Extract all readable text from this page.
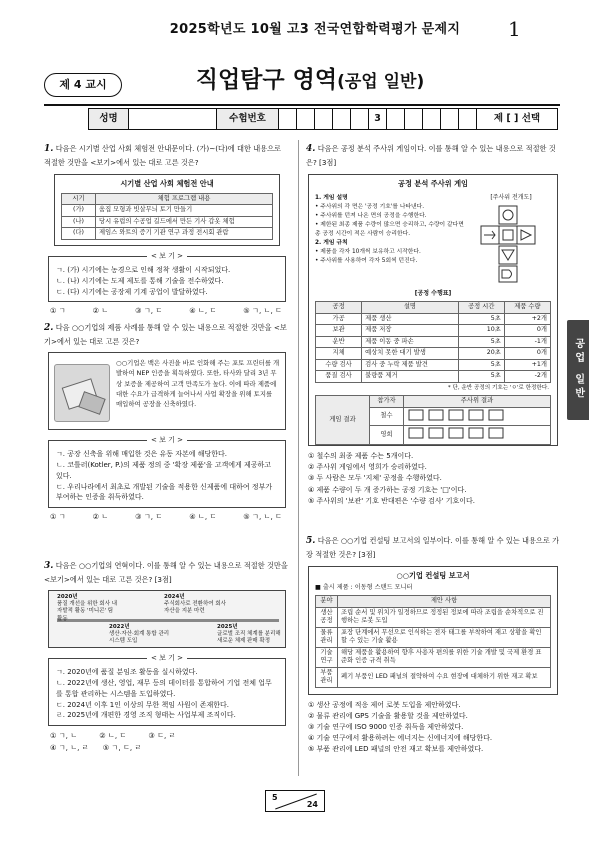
2025학년도 10월 고3 전국연합학력평가 문제지	1
제 4 교시	직업탐구 영역(공업 일반)
성명	수험번호	3	제 [ ] 선택
공업 일반
1. 다음은 시기별 산업 사회 체험전 안내문이다. (가)~(다)에 대한 내용으로 적절한 것만을 <보기>에서 있는 대로 고른 것은?
시기별 산업 사회 체험전 안내
시기	체험 프로그램 내용
(가)	움집 모형과 빗살무늬 토기 만들기
(나)	당시 유럽의 수공업 길드에서 만든 기사 갑옷 체험
(다)	제임스 와트의 증기 기관 연구 과정 전시회 관람
< 보 기 >
ㄱ. (가) 시기에는 농경으로 인해 정착 생활이 시작되었다.
ㄴ. (나) 시기에는 도제 제도를 통해 기술을 전수하였다.
ㄷ. (다) 시기에는 공장제 기계 공업이 발달하였다.
① ㄱ	② ㄴ	③ ㄱ, ㄷ	④ ㄴ, ㄷ	⑤ ㄱ, ㄴ, ㄷ
2. 다음 ○○기업의 제품 사례를 통해 알 수 있는 내용으로 적절한 것만을 <보기>에서 있는 대로 고른 것은?
○○기업은 백은 사진을 바로 인화해 주는 포토 프린터를 개발하여 NEP 인증을 획득하였다. 또한, 타사와 달리 3년 무상 보증을 제공하여 고객 만족도가 높다. 이에 따라 제품에 대한 수요가 급격하게 늘어나서 사업 확장을 위해 토지를 매입하여 공장을 신축하였다.
< 보 기 >
ㄱ. 공장 신축을 위해 매입한 것은 유동 자본에 해당한다.
ㄴ. 코틀러(Kotler, P.)의 제품 정의 중 '확장 제품'을 고객에게 제공하고 있다.
ㄷ. 우리나라에서 최초로 개발된 기술을 적용한 신제품에 대하여 정부가 부여하는 인증을 취득하였다.
① ㄱ	② ㄴ	③ ㄱ, ㄷ	④ ㄴ, ㄷ	⑤ ㄱ, ㄴ, ㄷ
3. 다음은 ○○기업의 연혁이다. 이를 통해 알 수 있는 내용으로 적절한 것만을 <보기>에서 있는 대로 고른 것은? [3점]
2020년
품질 개선을 위한 회사 내 자발적 활동 '미니콘' 팀 활동
2022년
생산·자산·회계 통합 관리 시스템 도입
2024년
주식회사로 전환하여 회사 자산을 지분 마련
2025년
글로벌 조직 체계를 분리해 새로운 체제 판매 확정
< 보 기 >
ㄱ. 2020년에 품질 분임조 활동을 실시하였다.
ㄴ. 2022년에 생산, 영업, 재무 등의 데이터를 통합하여 기업 전체 업무를 통합 관리하는 시스템을 도입하였다.
ㄷ. 2024년 이후 1인 이상의 무한 책임 사원이 존재한다.
ㄹ. 2025년에 개편한 경영 조직 형태는 사업부제 조직이다.
① ㄱ, ㄴ	② ㄴ, ㄷ	③ ㄷ, ㄹ
④ ㄱ, ㄴ, ㄹ ⑤ ㄱ, ㄷ, ㄹ
4. 다음은 공정 분석 주사위 게임이다. 이를 통해 알 수 있는 내용으로 적절한 것은? [3점]
공정 분석 주사위 게임
1. 게임 설명
• 주사위의 각 면은 '공정 기호'를 나타낸다.
• 주사위를 던져 나온 면의 공정을 수행한다.
• 제한된 최종 제품 수량이 많으면 승리하고, 수량이 같다면 총 공정 시간이 적은 사람이 승리한다.
2. 게임 규칙
• 제품을 각자 10개씩 보유하고 시작한다.
• 주사위를 사용하여 각자 5회씩 던진다.
[주사위 전개도]
[공정 수행표]
공정	설명	공정 시간	제품 수량
가공	제품 생산	5초	+2개
보관	제품 저장	10초	0개
운반	제품 이동 중 파손	5초	-1개
지체	예상치 못한 대기 발생	20초	0개
수량 검사	검사 중 누락 제품 발견	5초	+1개
품질 검사	불량품 제거	5초	-2개
* 단, 운반 공정의 기호는 'ㅇ'로 한정한다.
게임 결과	참가자	주사위 결과
	철수	
	영희	
① 철수의 최종 제품 수는 5개이다.
② 주사위 게임에서 영희가 승리하였다.
③ 두 사람은 모두 '지체' 공정을 수행하였다.
④ 제품 수량이 두 개 증가하는 공정 기호는 '□'이다.
⑤ 주사위의 '보관' 기호 반대편은 '수량 검사' 기호이다.
5. 다음은 ○○기업 컨설팅 보고서의 일부이다. 이를 통해 알 수 있는 내용으로 가장 적절한 것은? [3점]
○○기업 컨설팅 보고서
■ 출시 제품 : 이동형 스탠드 모니터
분야	제안 사항
생산 공정	조립 순서 및 위치가 일정하므로 정정된 정보에 따라 조립을 순차적으로 진행하는 로봇 도입
물류 관리	포장 단계에서 무선으로 인식하는 전자 태그를 부착하여 재고 상황을 확인할 수 있는 기술 활용
기술 연구	해당 제품을 활용하여 향후 사용자 편의를 위한 기술 개발 및 국제 환경 표준화 인증 규격 취득
부품 관리	폐기 부품인 LED 패널의 절약하여 수요 현장에 대체하기 위한 재고 확보
① 생산 공정에 적응 제어 로봇 도입을 제안하였다.
② 물류 관리에 GPS 기술을 활용할 것을 제안하였다.
③ 기술 연구에 ISO 9000 인증 취득을 제안하였다.
④ 기술 연구에서 활용하려는 에너지는 신에너지에 해당한다.
⑤ 부품 관리에 LED 패널의 안전 재고 확보를 제안하였다.
5
24
